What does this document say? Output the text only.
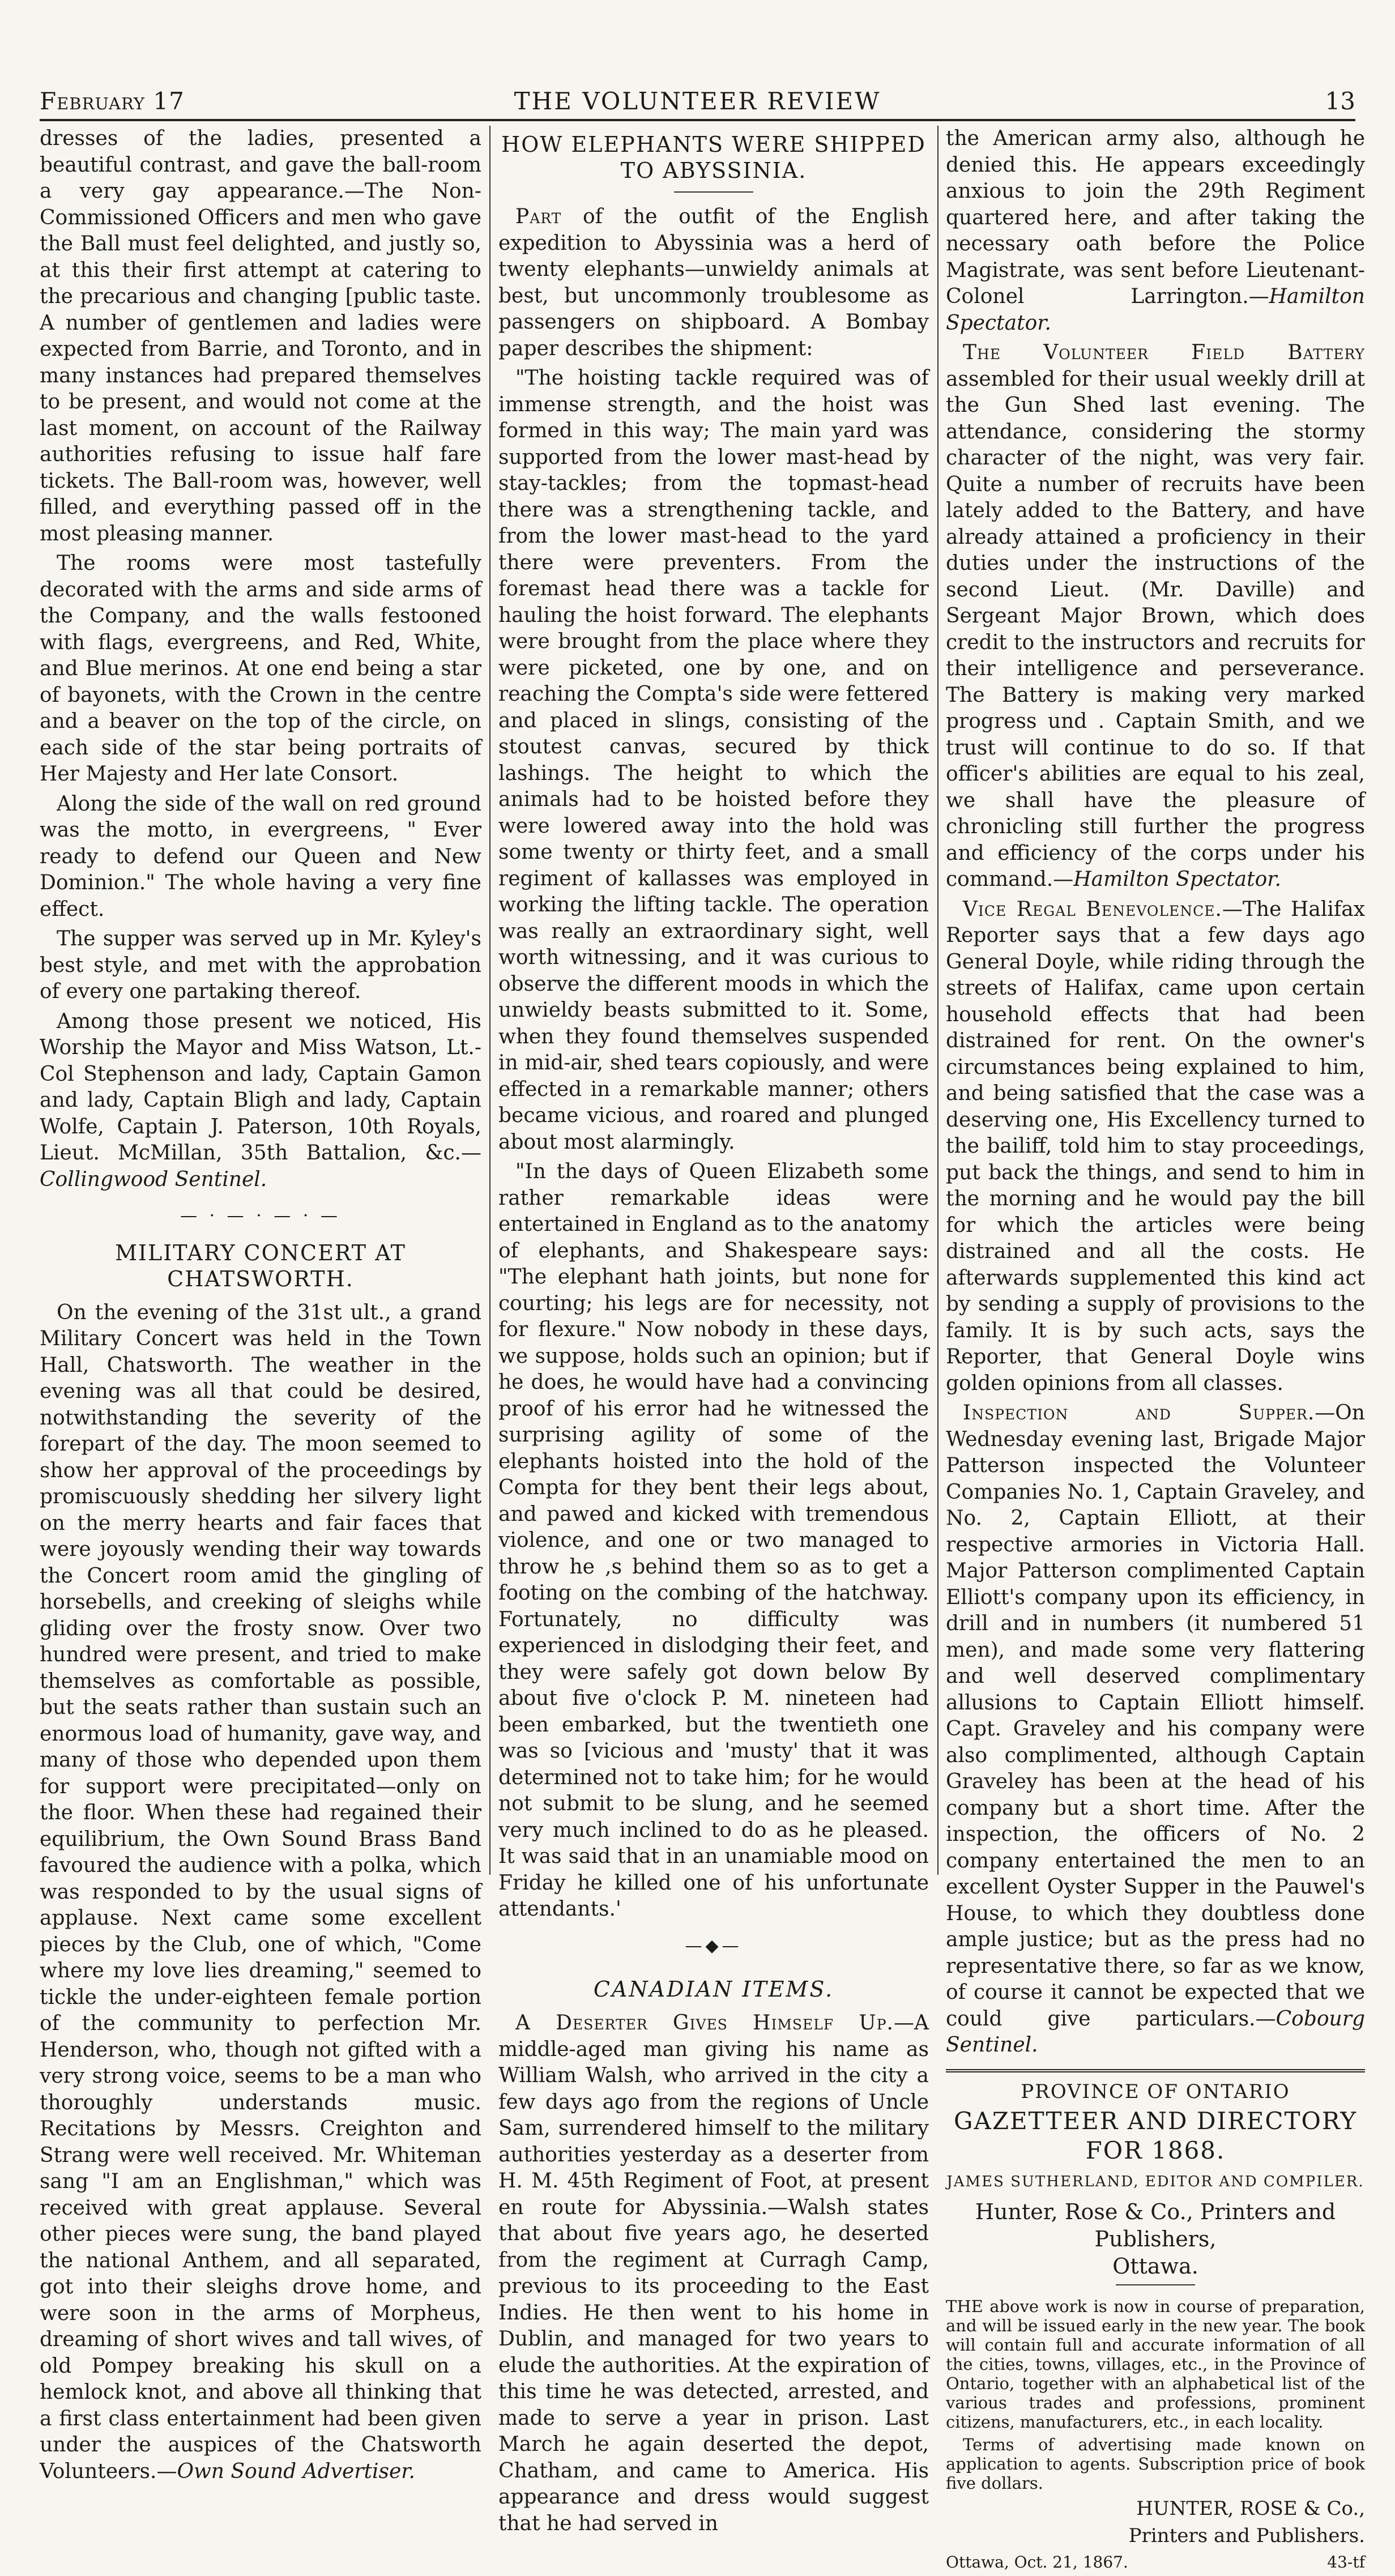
February 17	THE VOLUNTEER REVIEW	13

dresses of the ladies, presented a beautiful contrast, and gave the ball-room a very gay appearance.—The Non-Commissioned Officers and men who gave the Ball must feel delighted, and justly so, at this their first attempt at catering to the precarious and changing [public taste. A number of gentlemen and ladies were expected from Barrie, and Toronto, and in many instances had prepared themselves to be present, and would not come at the last moment, on account of the Railway authorities refusing to issue half fare tickets. The Ball-room was, however, well filled, and everything passed off in the most pleasing manner.

The rooms were most tastefully decorated with the arms and side arms of the Company, and the walls festooned with flags, evergreens, and Red, White, and Blue merinos. At one end being a star of bayonets, with the Crown in the centre and a beaver on the top of the circle, on each side of the star being portraits of Her Majesty and Her late Consort.

Along the side of the wall on red ground was the motto, in evergreens, " Ever ready to defend our Queen and New Dominion." The whole having a very fine effect.

The supper was served up in Mr. Kyley's best style, and met with the approbation of every one partaking thereof.

Among those present we noticed, His Worship the Mayor and Miss Watson, Lt.-Col Stephenson and lady, Captain Gamon and lady, Captain Bligh and lady, Captain Wolfe, Captain J. Paterson, 10th Royals, Lieut. McMillan, 35th Battalion, &c.—Collingwood Sentinel.

— · — · — · —
MILITARY CONCERT AT CHATSWORTH.

On the evening of the 31st ult., a grand Military Concert was held in the Town Hall, Chatsworth. The weather in the evening was all that could be desired, notwithstanding the severity of the forepart of the day. The moon seemed to show her approval of the proceedings by promiscuously shedding her silvery light on the merry hearts and fair faces that were joyously wending their way towards the Concert room amid the gingling of horsebells, and creeking of sleighs while gliding over the frosty snow. Over two hundred were present, and tried to make themselves as comfortable as possible, but the seats rather than sustain such an enormous load of humanity, gave way, and many of those who depended upon them for support were precipitated—only on the floor. When these had regained their equilibrium, the Own Sound Brass Band favoured the audience with a polka, which was responded to by the usual signs of applause. Next came some excellent pieces by the Club, one of which, "Come where my love lies dreaming," seemed to tickle the under-eighteen female portion of the community to perfection Mr. Henderson, who, though not gifted with a very strong voice, seems to be a man who thoroughly understands music. Recitations by Messrs. Creighton and Strang were well received. Mr. Whiteman sang "I am an Englishman," which was received with great applause. Several other pieces were sung, the band played the national Anthem, and all separated, got into their sleighs drove home, and were soon in the arms of Morpheus, dreaming of short wives and tall wives, of old Pompey breaking his skull on a hemlock knot, and above all thinking that a first class entertainment had been given under the auspices of the Chatsworth Volunteers.—Own Sound Advertiser.

HOW ELEPHANTS WERE SHIPPED TO ABYSSINIA.

Part of the outfit of the English expedition to Abyssinia was a herd of twenty elephants—unwieldy animals at best, but uncommonly troublesome as passengers on shipboard. A Bombay paper describes the shipment:

"The hoisting tackle required was of immense strength, and the hoist was formed in this way; The main yard was supported from the lower mast-head by stay-tackles; from the topmast-head there was a strengthening tackle, and from the lower mast-head to the yard there were preventers. From the foremast head there was a tackle for hauling the hoist forward. The elephants were brought from the place where they were picketed, one by one, and on reaching the Compta's side were fettered and placed in slings, consisting of the stoutest canvas, secured by thick lashings. The height to which the animals had to be hoisted before they were lowered away into the hold was some twenty or thirty feet, and a small regiment of kallasses was employed in working the lifting tackle. The operation was really an extraordinary sight, well worth witnessing, and it was curious to observe the different moods in which the unwieldy beasts submitted to it. Some, when they found themselves suspended in mid-air, shed tears copiously, and were effected in a remarkable manner; others became vicious, and roared and plunged about most alarmingly.

"In the days of Queen Elizabeth some rather remarkable ideas were entertained in England as to the anatomy of elephants, and Shakespeare says: "The elephant hath joints, but none for courting; his legs are for necessity, not for flexure." Now nobody in these days, we suppose, holds such an opinion; but if he does, he would have had a convincing proof of his error had he witnessed the surprising agility of some of the elephants hoisted into the hold of the Compta for they bent their legs about, and pawed and kicked with tremendous violence, and one or two managed to throw he ,s behind them so as to get a footing on the combing of the hatchway. Fortunately, no difficulty was experienced in dislodging their feet, and they were safely got down below By about five o'clock P. M. nineteen had been embarked, but the twentieth one was so [vicious and 'musty' that it was determined not to take him; for he would not submit to be slung, and he seemed very much inclined to do as he pleased. It was said that in an unamiable mood on Friday he killed one of his unfortunate attendants.'

—◆—
CANADIAN ITEMS.

A Deserter Gives Himself Up.—A middle-aged man giving his name as William Walsh, who arrived in the city a few days ago from the regions of Uncle Sam, surrendered himself to the military authorities yesterday as a deserter from H. M. 45th Regiment of Foot, at present en route for Abyssinia.—Walsh states that about five years ago, he deserted from the regiment at Curragh Camp, previous to its proceeding to the East Indies. He then went to his home in Dublin, and managed for two years to elude the authorities. At the expiration of this time he was detected, arrested, and made to serve a year in prison. Last March he again deserted the depot, Chatham, and came to America. His appearance and dress would suggest that he had served in

the American army also, although he denied this. He appears exceedingly anxious to join the 29th Regiment quartered here, and after taking the necessary oath before the Police Magistrate, was sent before Lieutenant-Colonel Larrington.—Hamilton Spectator.

The Volunteer Field Battery assembled for their usual weekly drill at the Gun Shed last evening. The attendance, considering the stormy character of the night, was very fair. Quite a number of recruits have been lately added to the Battery, and have already attained a proficiency in their duties under the instructions of the second Lieut. (Mr. Daville) and Sergeant Major Brown, which does credit to the instructors and recruits for their intelligence and perseverance. The Battery is making very marked progress und . Captain Smith, and we trust will continue to do so. If that officer's abilities are equal to his zeal, we shall have the pleasure of chronicling still further the progress and efficiency of the corps under his command.—Hamilton Spectator.

Vice Regal Benevolence.—The Halifax Reporter says that a few days ago General Doyle, while riding through the streets of Halifax, came upon certain household effects that had been distrained for rent. On the owner's circumstances being explained to him, and being satisfied that the case was a deserving one, His Excellency turned to the bailiff, told him to stay proceedings, put back the things, and send to him in the morning and he would pay the bill for which the articles were being distrained and all the costs. He afterwards supplemented this kind act by sending a supply of provisions to the family. It is by such acts, says the Reporter, that General Doyle wins golden opinions from all classes.

Inspection and Supper.—On Wednesday evening last, Brigade Major Patterson inspected the Volunteer Companies No. 1, Captain Graveley, and No. 2, Captain Elliott, at their respective armories in Victoria Hall. Major Patterson complimented Captain Elliott's company upon its efficiency, in drill and in numbers (it numbered 51 men), and made some very flattering and well deserved complimentary allusions to Captain Elliott himself. Capt. Graveley and his company were also complimented, although Captain Graveley has been at the head of his company but a short time. After the inspection, the officers of No. 2 company entertained the men to an excellent Oyster Supper in the Pauwel's House, to which they doubtless done ample justice; but as the press had no representative there, so far as we know, of course it cannot be expected that we could give particulars.—Cobourg Sentinel.

PROVINCE OF ONTARIO
GAZETTEER AND DIRECTORY FOR 1868.
JAMES SUTHERLAND, EDITOR AND COMPILER.
Hunter, Rose & Co., Printers and Publishers,
Ottawa.

THE above work is now in course of preparation, and will be issued early in the new year. The book will contain full and accurate information of all the cities, towns, villages, etc., in the Province of Ontario, together with an alphabetical list of the various trades and professions, prominent citizens, manufacturers, etc., in each locality.

Terms of advertising made known on application to agents. Subscription price of book five dollars.

HUNTER, ROSE & Co.,
Printers and Publishers.
Ottawa, Oct. 21, 1867.	43-tf
